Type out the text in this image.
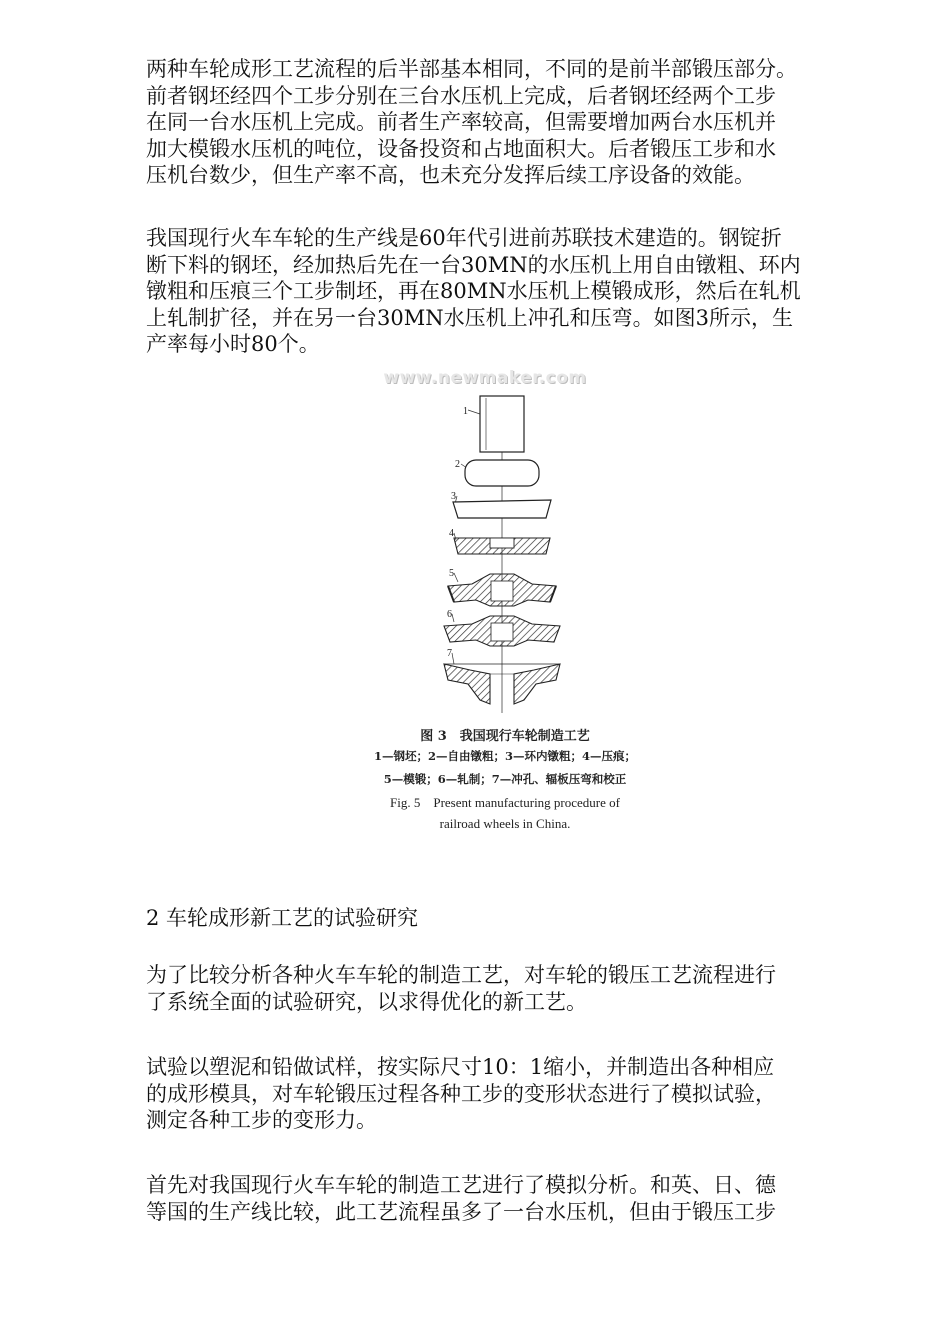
两种车轮成形工艺流程的后半部基本相同，不同的是前半部锻压部分。
前者钢坯经四个工步分别在三台水压机上完成，后者钢坯经两个工步
在同一台水压机上完成。前者生产率较高，但需要增加两台水压机并
加大模锻水压机的吨位，设备投资和占地面积大。后者锻压工步和水
压机台数少，但生产率不高，也未充分发挥后续工序设备的效能。
我国现行火车车轮的生产线是60年代引进前苏联技术建造的。钢锭折
断下料的钢坯，经加热后先在一台30MN的水压机上用自由镦粗、环内
镦粗和压痕三个工步制坯，再在80MN水压机上模锻成形，然后在轧机
上轧制扩径，并在另一台30MN水压机上冲孔和压弯。如图3所示，生
产率每小时80个。
www.newmaker.com
1
2
3
4
5
6
7
图 3　我国现行车轮制造工艺
1—钢坯；2—自由镦粗；3—环内镦粗；4—压痕；
5—模锻；6—轧制；7—冲孔、辐板压弯和校正
Fig. 5　Present manufacturing procedure of
railroad wheels in China.
2 车轮成形新工艺的试验研究
为了比较分析各种火车车轮的制造工艺，对车轮的锻压工艺流程进行
了系统全面的试验研究，以求得优化的新工艺。
试验以塑泥和铅做试样，按实际尺寸10：1缩小，并制造出各种相应
的成形模具，对车轮锻压过程各种工步的变形状态进行了模拟试验，
测定各种工步的变形力。
首先对我国现行火车车轮的制造工艺进行了模拟分析。和英、日、德
等国的生产线比较，此工艺流程虽多了一台水压机，但由于锻压工步
